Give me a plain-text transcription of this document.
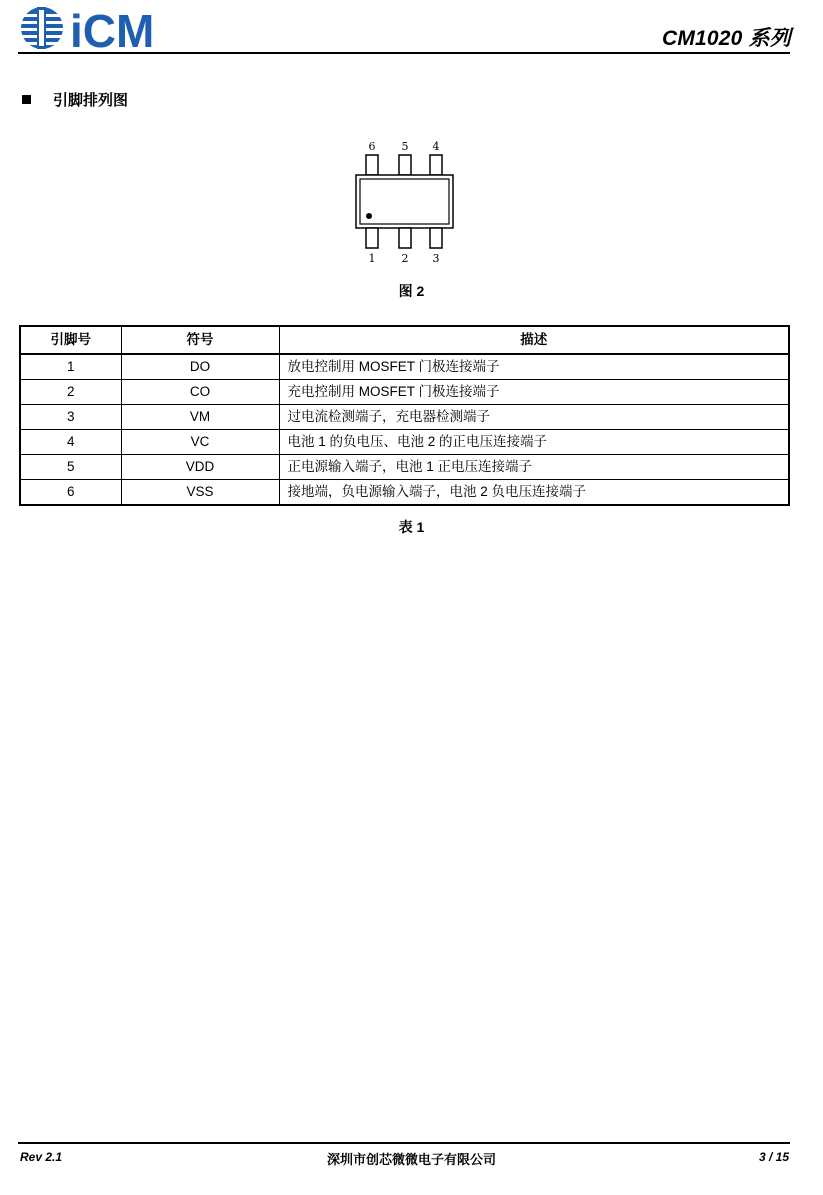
iCM	CM1020 系列
引脚排列图
6 5 4
1 2 3
图 2
引脚号	符号	描述
1	DO	放电控制用 MOSFET 门极连接端子
2	CO	充电控制用 MOSFET 门极连接端子
3	VM	过电流检测端子，充电器检测端子
4	VC	电池 1 的负电压、电池 2 的正电压连接端子
5	VDD	正电源输入端子，电池 1 正电压连接端子
6	VSS	接地端，负电源输入端子，电池 2 负电压连接端子
表 1
Rev 2.1	深圳市创芯微微电子有限公司	3 / 15
